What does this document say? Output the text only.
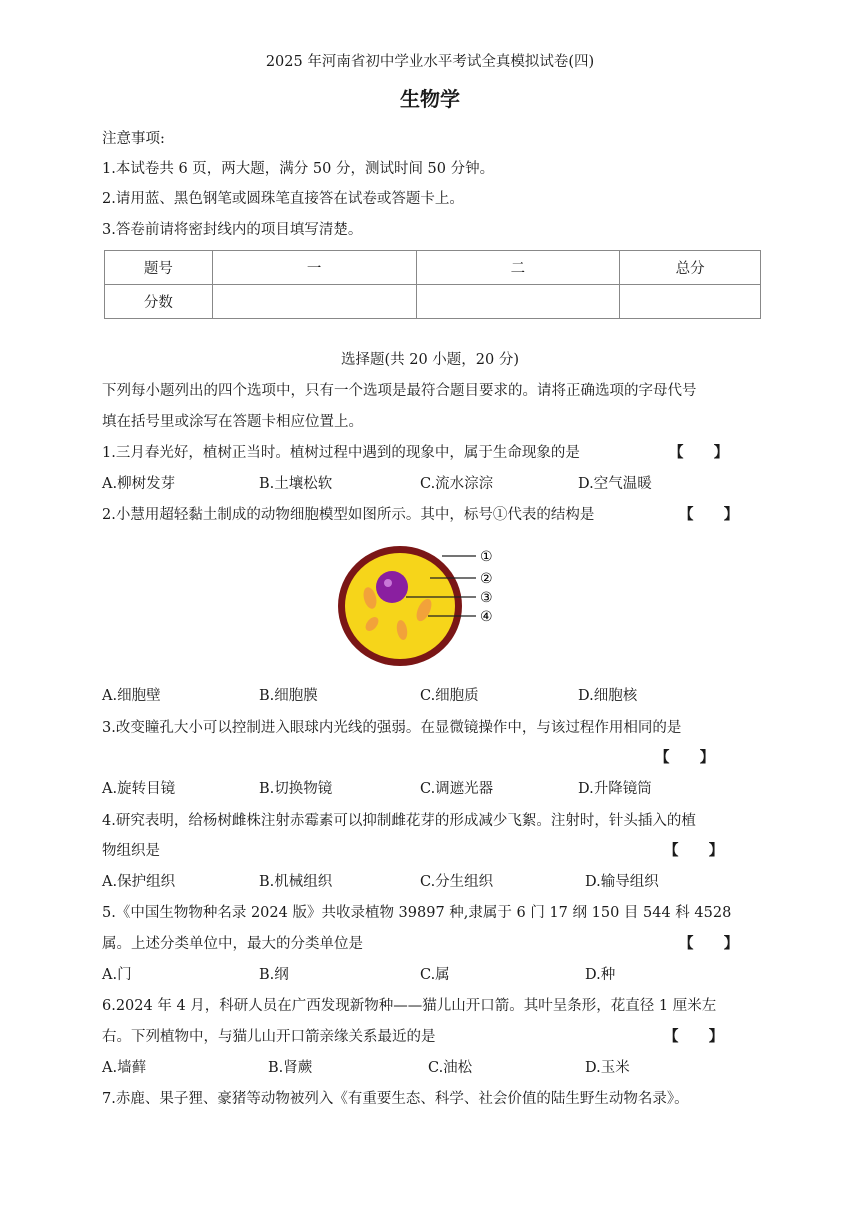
2025 年河南省初中学业水平考试全真模拟试卷(四)
生物学
注意事项:
1.本试卷共 6 页，两大题，满分 50 分，测试时间 50 分钟。
2.请用蓝、黑色钢笔或圆珠笔直接答在试卷或答题卡上。
3.答卷前请将密封线内的项目填写清楚。
题号	一	二	总分
分数			
选择题(共 20 小题，20 分)
下列每小题列出的四个选项中，只有一个选项是最符合题目要求的。请将正确选项的字母代号
填在括号里或涂写在答题卡相应位置上。
1.三月春光好，植树正当时。植树过程中遇到的现象中，属于生命现象的是	【      】
A.柳树发芽	B.土壤松软	C.流水淙淙	D.空气温暖
2.小慧用超轻黏土制成的动物细胞模型如图所示。其中，标号①代表的结构是	【      】
①
②
③
④
A.细胞壁	B.细胞膜	C.细胞质	D.细胞核
3.改变瞳孔大小可以控制进入眼球内光线的强弱。在显微镜操作中，与该过程作用相同的是
【      】
A.旋转目镜	B.切换物镜	C.调遮光器	D.升降镜筒
4.研究表明，给杨树雌株注射赤霉素可以抑制雌花芽的形成减少飞絮。注射时，针头插入的植
物组织是	【      】
A.保护组织	B.机械组织	C.分生组织	D.输导组织
5.《中国生物物种名录 2024 版》共收录植物 39897 种,隶属于 6 门 17 纲 150 目 544 科 4528
属。上述分类单位中，最大的分类单位是	【      】
A.门	B.纲	C.属	D.种
6.2024 年 4 月，科研人员在广西发现新物种——猫儿山开口箭。其叶呈条形，花直径 1 厘米左
右。下列植物中，与猫儿山开口箭亲缘关系最近的是	【      】
A.墙藓	B.肾蕨	C.油松	D.玉米
7.赤鹿、果子狸、豪猪等动物被列入《有重要生态、科学、社会价值的陆生野生动物名录》。
